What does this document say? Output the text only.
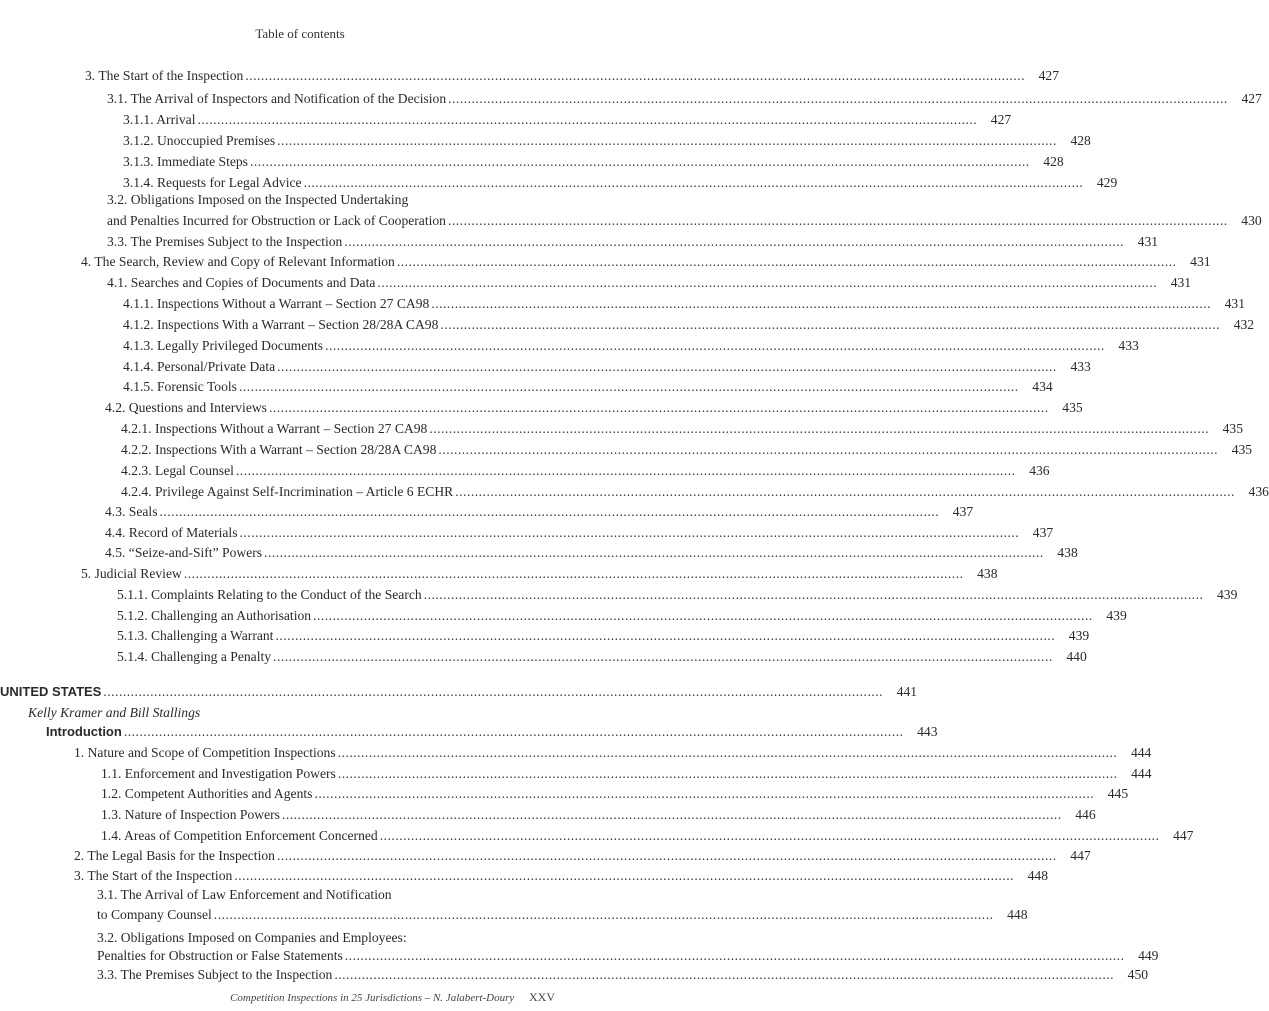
Table of contents
3. The Start of the Inspection ........................................................................................................................................................................................................	427
3.1. The Arrival of Inspectors and Notification of the Decision ........................................................................................................................................................................................................	427
3.1.1. Arrival ........................................................................................................................................................................................................	427
3.1.2. Unoccupied Premises ........................................................................................................................................................................................................	428
3.1.3. Immediate Steps ........................................................................................................................................................................................................	428
3.1.4. Requests for Legal Advice ........................................................................................................................................................................................................	429
3.2. Obligations Imposed on the Inspected Undertaking
and Penalties Incurred for Obstruction or Lack of Cooperation ........................................................................................................................................................................................................	430
3.3. The Premises Subject to the Inspection ........................................................................................................................................................................................................	431
4. The Search, Review and Copy of Relevant Information ........................................................................................................................................................................................................	431
4.1. Searches and Copies of Documents and Data ........................................................................................................................................................................................................	431
4.1.1. Inspections Without a Warrant – Section 27 CA98 ........................................................................................................................................................................................................	431
4.1.2. Inspections With a Warrant – Section 28/28A CA98 ........................................................................................................................................................................................................	432
4.1.3. Legally Privileged Documents ........................................................................................................................................................................................................	433
4.1.4. Personal/Private Data ........................................................................................................................................................................................................	433
4.1.5. Forensic Tools ........................................................................................................................................................................................................	434
4.2. Questions and Interviews ........................................................................................................................................................................................................	435
4.2.1. Inspections Without a Warrant – Section 27 CA98 ........................................................................................................................................................................................................	435
4.2.2. Inspections With a Warrant – Section 28/28A CA98 ........................................................................................................................................................................................................	435
4.2.3. Legal Counsel ........................................................................................................................................................................................................	436
4.2.4. Privilege Against Self-Incrimination – Article 6 ECHR ........................................................................................................................................................................................................	436
4.3. Seals ........................................................................................................................................................................................................	437
4.4. Record of Materials ........................................................................................................................................................................................................	437
4.5. “Seize-and-Sift” Powers ........................................................................................................................................................................................................	438
5. Judicial Review ........................................................................................................................................................................................................	438
5.1.1. Complaints Relating to the Conduct of the Search ........................................................................................................................................................................................................	439
5.1.2. Challenging an Authorisation ........................................................................................................................................................................................................	439
5.1.3. Challenging a Warrant ........................................................................................................................................................................................................	439
5.1.4. Challenging a Penalty ........................................................................................................................................................................................................	440
UNITED STATES ........................................................................................................................................................................................................	441
Kelly Kramer and Bill Stallings
Introduction ........................................................................................................................................................................................................	443
1. Nature and Scope of Competition Inspections ........................................................................................................................................................................................................	444
1.1. Enforcement and Investigation Powers ........................................................................................................................................................................................................	444
1.2. Competent Authorities and Agents ........................................................................................................................................................................................................	445
1.3. Nature of Inspection Powers ........................................................................................................................................................................................................	446
1.4. Areas of Competition Enforcement Concerned ........................................................................................................................................................................................................	447
2. The Legal Basis for the Inspection ........................................................................................................................................................................................................	447
3. The Start of the Inspection ........................................................................................................................................................................................................	448
3.1. The Arrival of Law Enforcement and Notification
to Company Counsel ........................................................................................................................................................................................................	448
3.2. Obligations Imposed on Companies and Employees:
Penalties for Obstruction or False Statements ........................................................................................................................................................................................................	449
3.3. The Premises Subject to the Inspection ........................................................................................................................................................................................................	450
Competition Inspections in 25 Jurisdictions – N. Jalabert-Doury XXV
